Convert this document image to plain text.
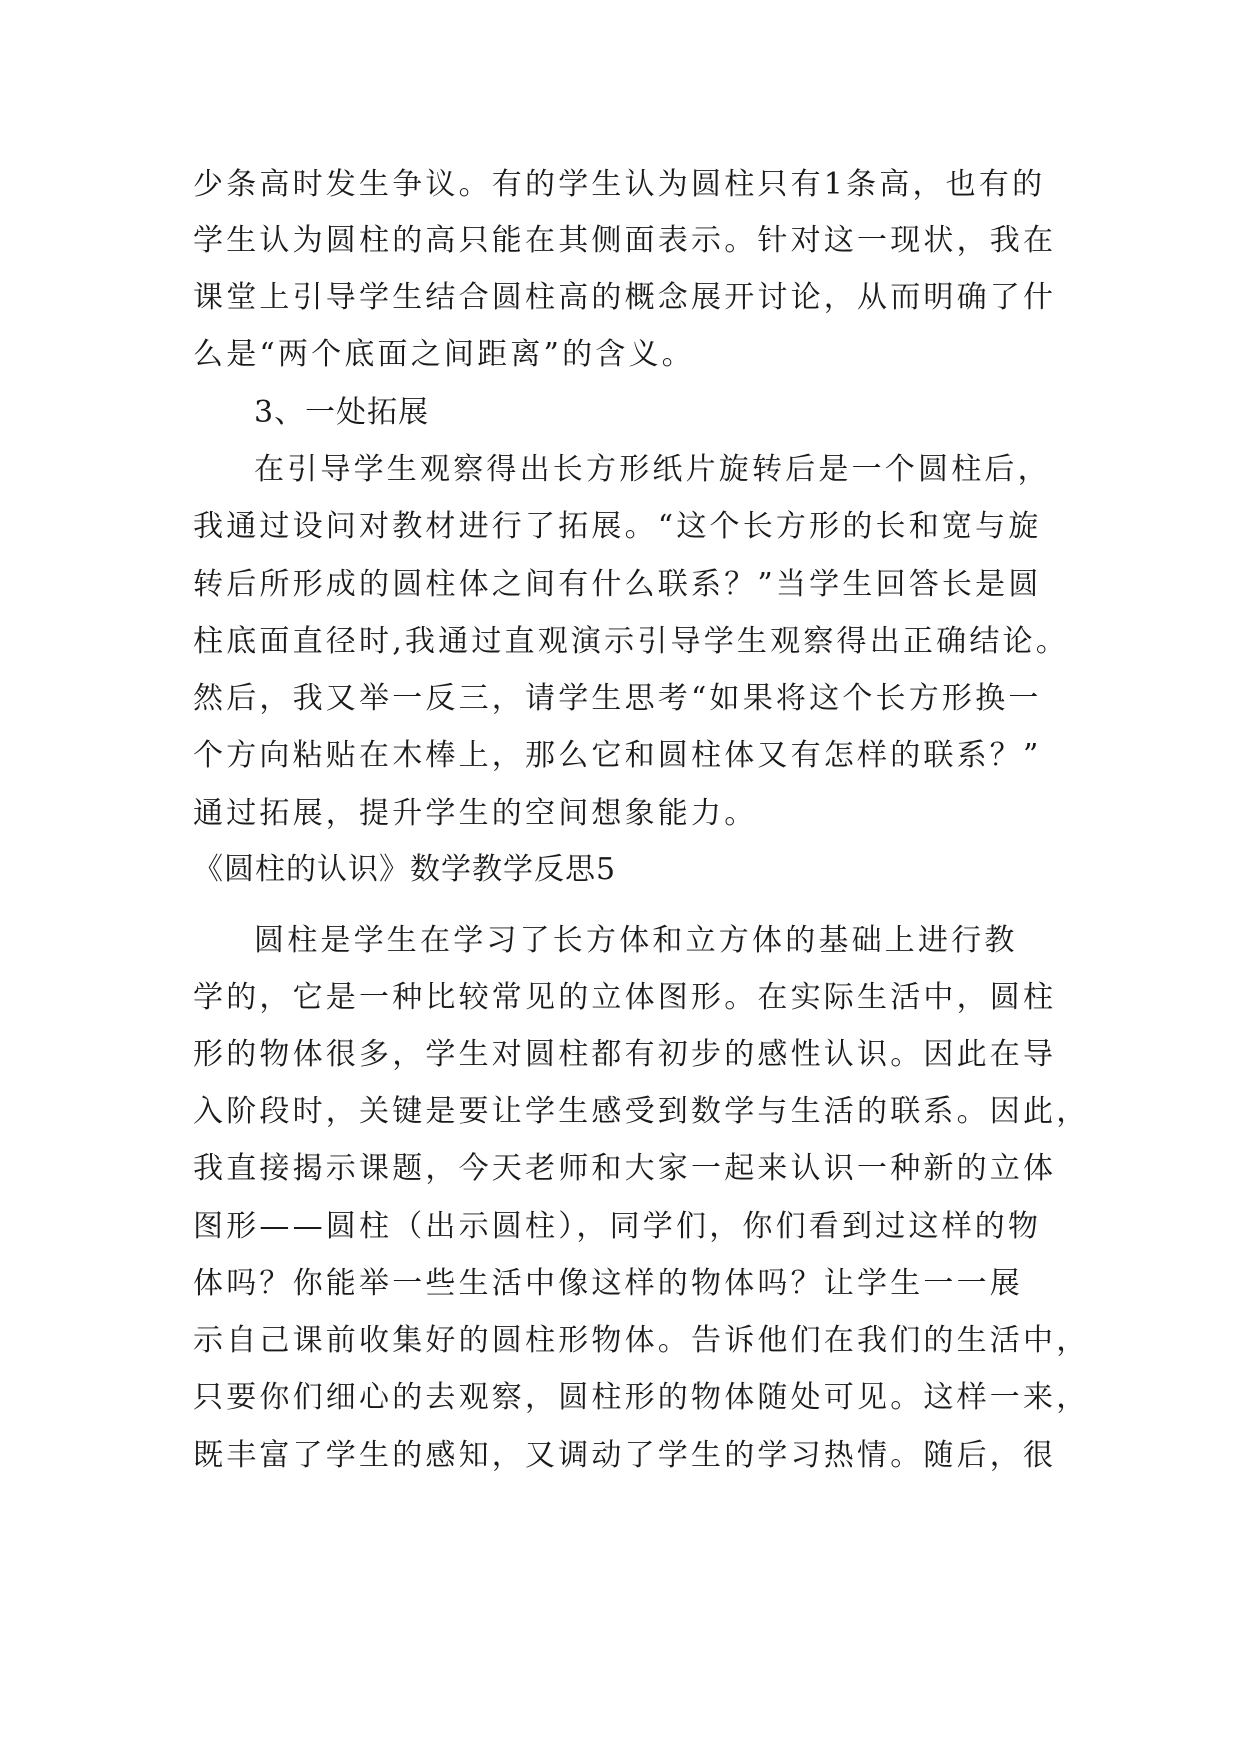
少条高时发生争议。有的学生认为圆柱只有1条高，也有的
学生认为圆柱的高只能在其侧面表示。针对这一现状，我在
课堂上引导学生结合圆柱高的概念展开讨论，从而明确了什
么是“两个底面之间距离”的含义。
3、一处拓展
在引导学生观察得出长方形纸片旋转后是一个圆柱后，
我通过设问对教材进行了拓展。“这个长方形的长和宽与旋
转后所形成的圆柱体之间有什么联系？”当学生回答长是圆
柱底面直径时,我通过直观演示引导学生观察得出正确结论。
然后，我又举一反三，请学生思考“如果将这个长方形换一
个方向粘贴在木棒上，那么它和圆柱体又有怎样的联系？”
通过拓展，提升学生的空间想象能力。
《圆柱的认识》数学教学反思5
圆柱是学生在学习了长方体和立方体的基础上进行教
学的，它是一种比较常见的立体图形。在实际生活中，圆柱
形的物体很多，学生对圆柱都有初步的感性认识。因此在导
入阶段时，关键是要让学生感受到数学与生活的联系。因此，
我直接揭示课题，今天老师和大家一起来认识一种新的立体
图形——圆柱（出示圆柱），同学们，你们看到过这样的物
体吗？你能举一些生活中像这样的物体吗？让学生一一展
示自己课前收集好的圆柱形物体。告诉他们在我们的生活中，
只要你们细心的去观察，圆柱形的物体随处可见。这样一来，
既丰富了学生的感知，又调动了学生的学习热情。随后，很
